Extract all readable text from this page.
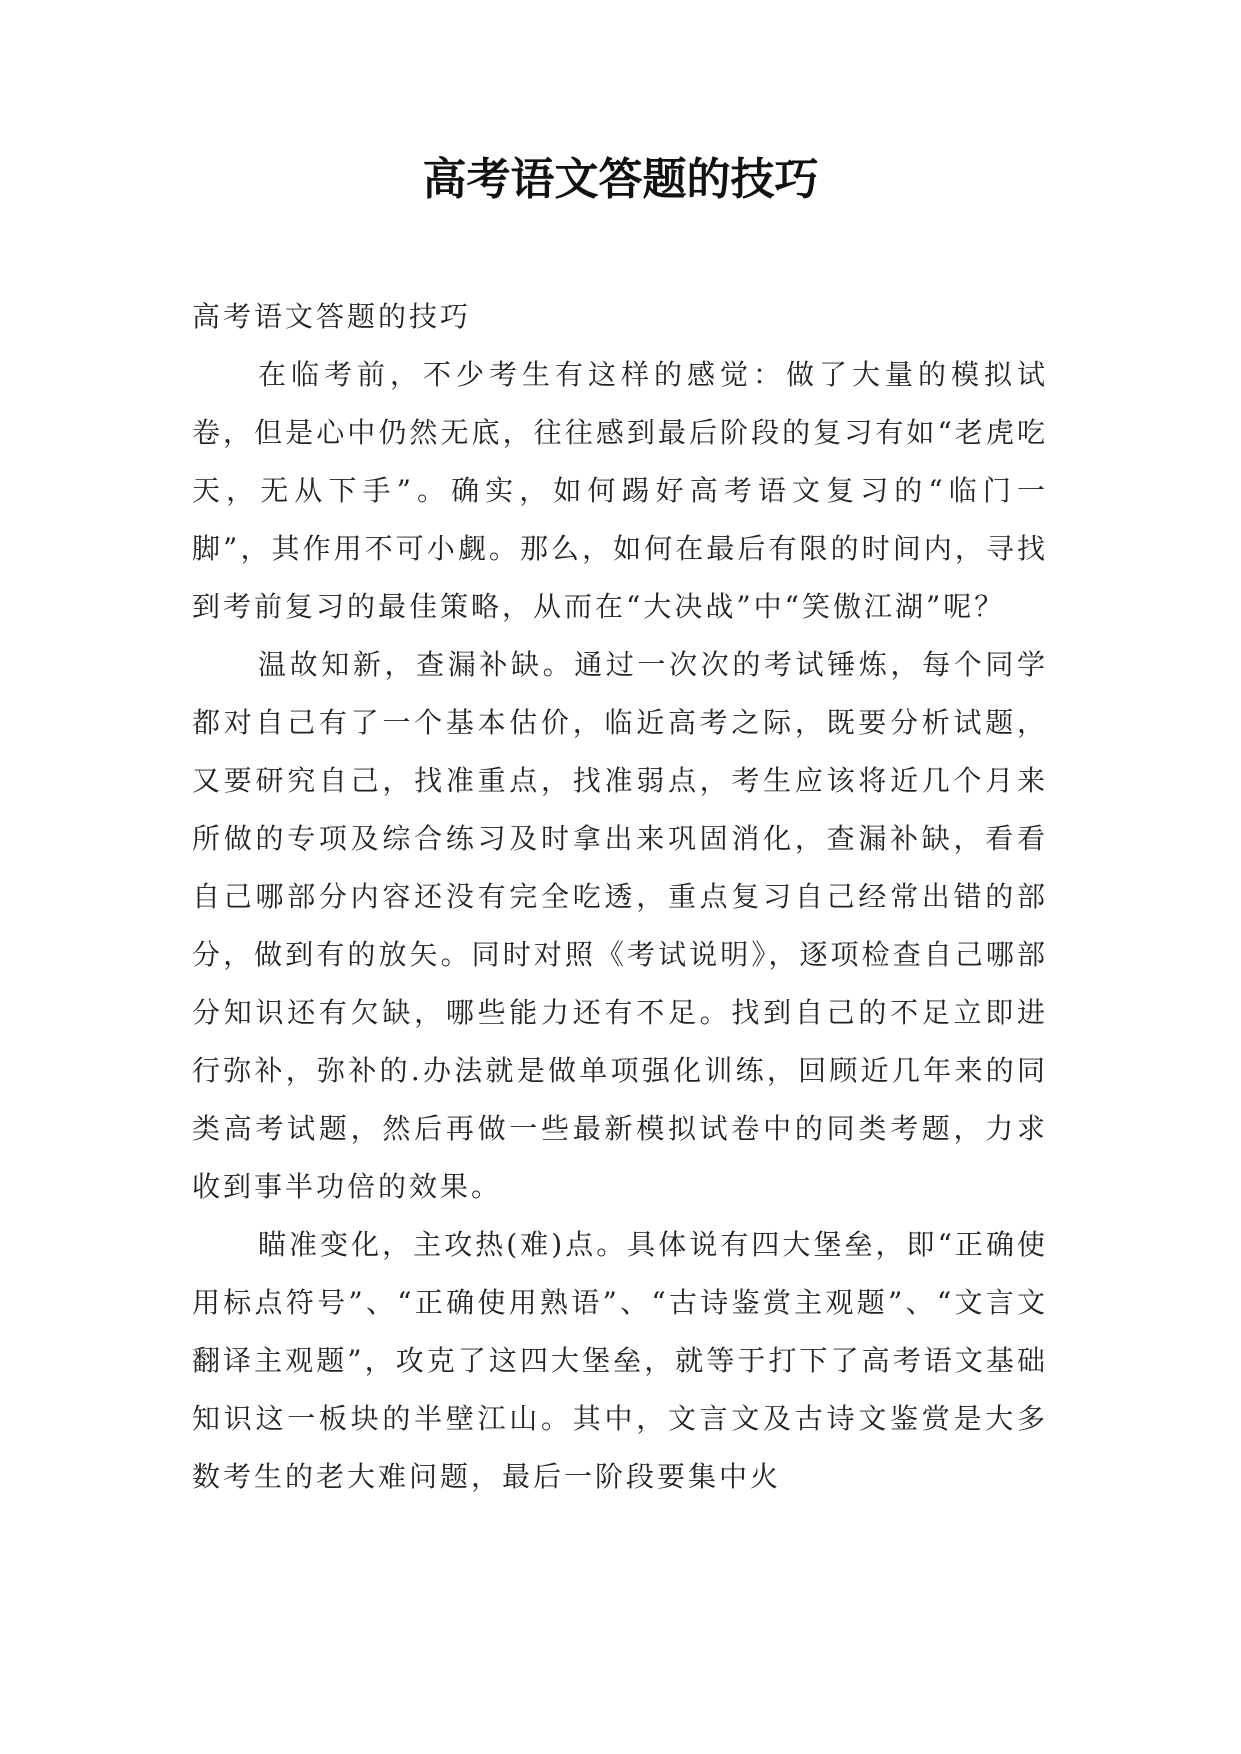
高考语文答题的技巧

高考语文答题的技巧

在临考前，不少考生有这样的感觉：做了大量的模拟试卷，但是心中仍然无底，往往感到最后阶段的复习有如“老虎吃天，无从下手”。确实，如何踢好高考语文复习的“临门一脚”，其作用不可小觑。那么，如何在最后有限的时间内，寻找到考前复习的最佳策略，从而在“大决战”中“笑傲江湖”呢？

温故知新，查漏补缺。通过一次次的考试锤炼，每个同学都对自己有了一个基本估价，临近高考之际，既要分析试题，又要研究自己，找准重点，找准弱点，考生应该将近几个月来所做的专项及综合练习及时拿出来巩固消化，查漏补缺，看看自己哪部分内容还没有完全吃透，重点复习自己经常出错的部分，做到有的放矢。同时对照《考试说明》，逐项检查自己哪部分知识还有欠缺，哪些能力还有不足。找到自己的不足立即进行弥补，弥补的.办法就是做单项强化训练，回顾近几年来的同类高考试题，然后再做一些最新模拟试卷中的同类考题，力求收到事半功倍的效果。

瞄准变化，主攻热(难)点。具体说有四大堡垒，即“正确使用标点符号”、“正确使用熟语”、“古诗鉴赏主观题”、“文言文翻译主观题”，攻克了这四大堡垒，就等于打下了高考语文基础知识这一板块的半壁江山。其中，文言文及古诗文鉴赏是大多数考生的老大难问题，最后一阶段要集中火
